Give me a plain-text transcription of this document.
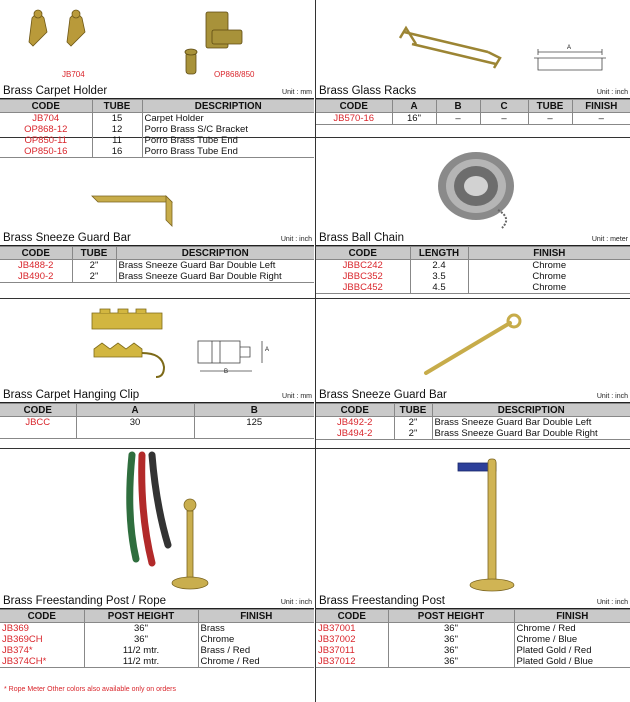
JB704	OP868/850
Brass Carpet Holder	Unit : mm
CODE	TUBE	DESCRIPTION
JB704	15	Carpet Holder
OP868-12	12	Porro Brass S/C Bracket
OP850-11	11	Porro Brass Tube End
OP850-16	16	Porro Brass Tube End
A
Brass Glass Racks	Unit : inch
CODE	A	B	C	TUBE	FINISH
JB570-16	16"	–	–	–	–
Brass Sneeze Guard Bar	Unit : inch
CODE	TUBE	DESCRIPTION
JB488-2	2"	Brass Sneeze Guard Bar Double Left
JB490-2	2"	Brass Sneeze Guard Bar Double Right
Brass Ball Chain	Unit : meter
CODE	LENGTH	FINISH
JBBC242	2.4	Chrome
JBBC352	3.5	Chrome
JBBC452	4.5	Chrome
B
A
Brass Carpet Hanging Clip	Unit : mm
CODE	A	B
JBCC	30	125
Brass Sneeze Guard Bar	Unit : inch
CODE	TUBE	DESCRIPTION
JB492-2	2"	Brass Sneeze Guard Bar Double Left
JB494-2	2"	Brass Sneeze Guard Bar Double Right
Brass Freestanding Post / Rope	Unit : inch
CODE	POST HEIGHT	FINISH
JB369	36"	Brass
JB369CH	36"	Chrome
JB374*	11/2 mtr.	Brass / Red
JB374CH*	11/2 mtr.	Chrome / Red
Brass Freestanding Post	Unit : inch
CODE	POST HEIGHT	FINISH
JB37001	36"	Chrome / Red
JB37002	36"	Chrome / Blue
JB37011	36"	Plated Gold / Red
JB37012	36"	Plated Gold / Blue
* Rope Meter Other colors also available only on orders
